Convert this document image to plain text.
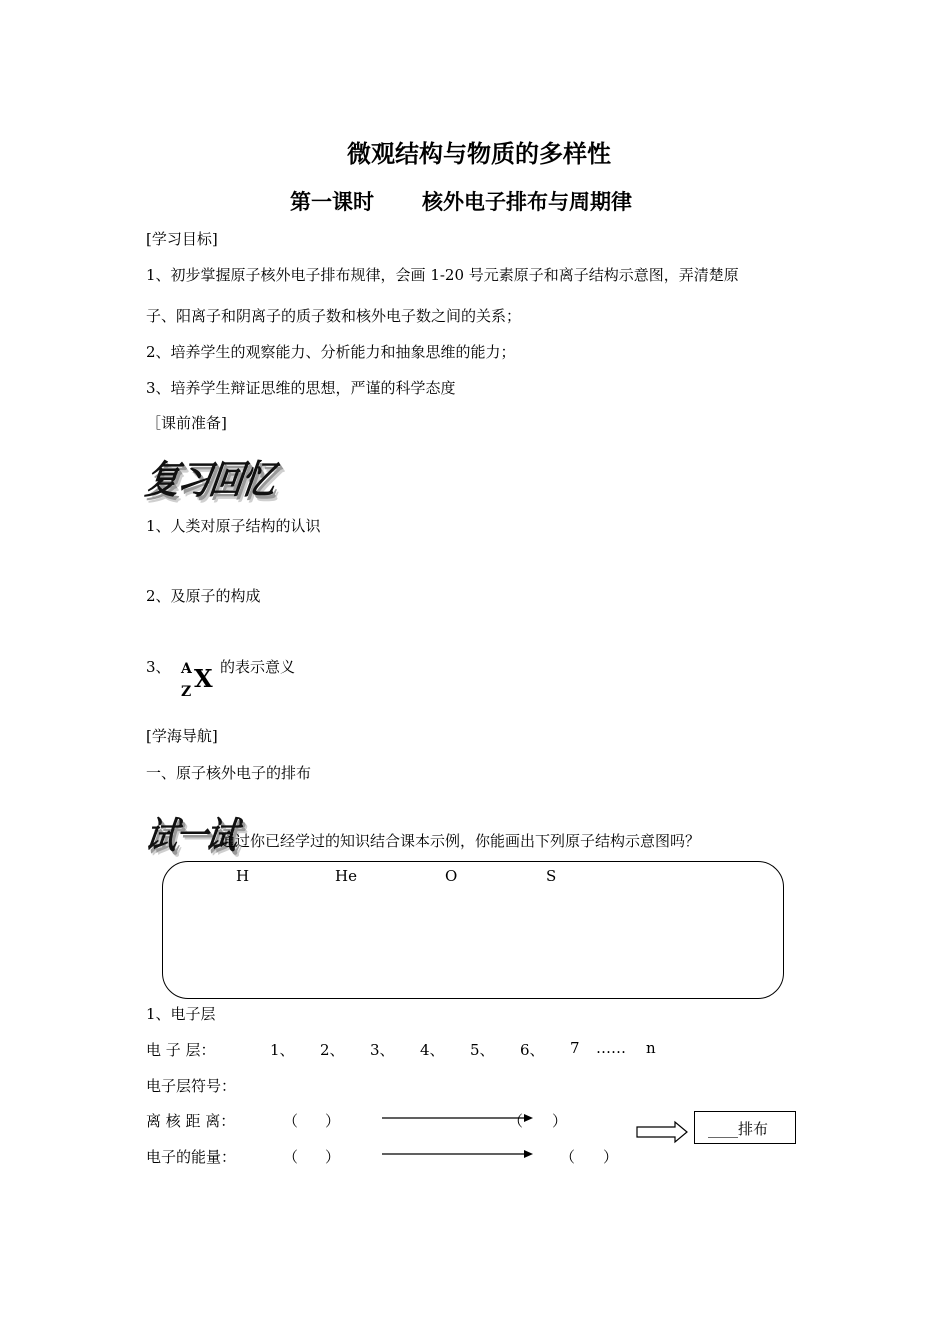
微观结构与物质的多样性
第一课时 核外电子排布与周期律
[学习目标]
1、初步掌握原子核外电子排布规律，会画 1-20 号元素原子和离子结构示意图，弄清楚原
子、阳离子和阴离子的质子数和核外电子数之间的关系；
2、培养学生的观察能力、分析能力和抽象思维的能力；
3、培养学生辩证思维的思想，严谨的科学态度
［课前准备]
复习回忆
1、人类对原子结构的认识
2、及原子的构成
3、 A
Z X 的表示意义
[学海导航]
一、原子核外电子的排布
试一试
通过你已经学过的知识结合课本示例，你能画出下列原子结构示意图吗？
H	He	O	S
1、电子层
电 子 层：	1、 2、 3、 4、 5、 6、 7 …… n
电子层符号：
离 核 距 离：	（ ）	（ ）
电子的能量：	（ ）	（ ）
____排布
